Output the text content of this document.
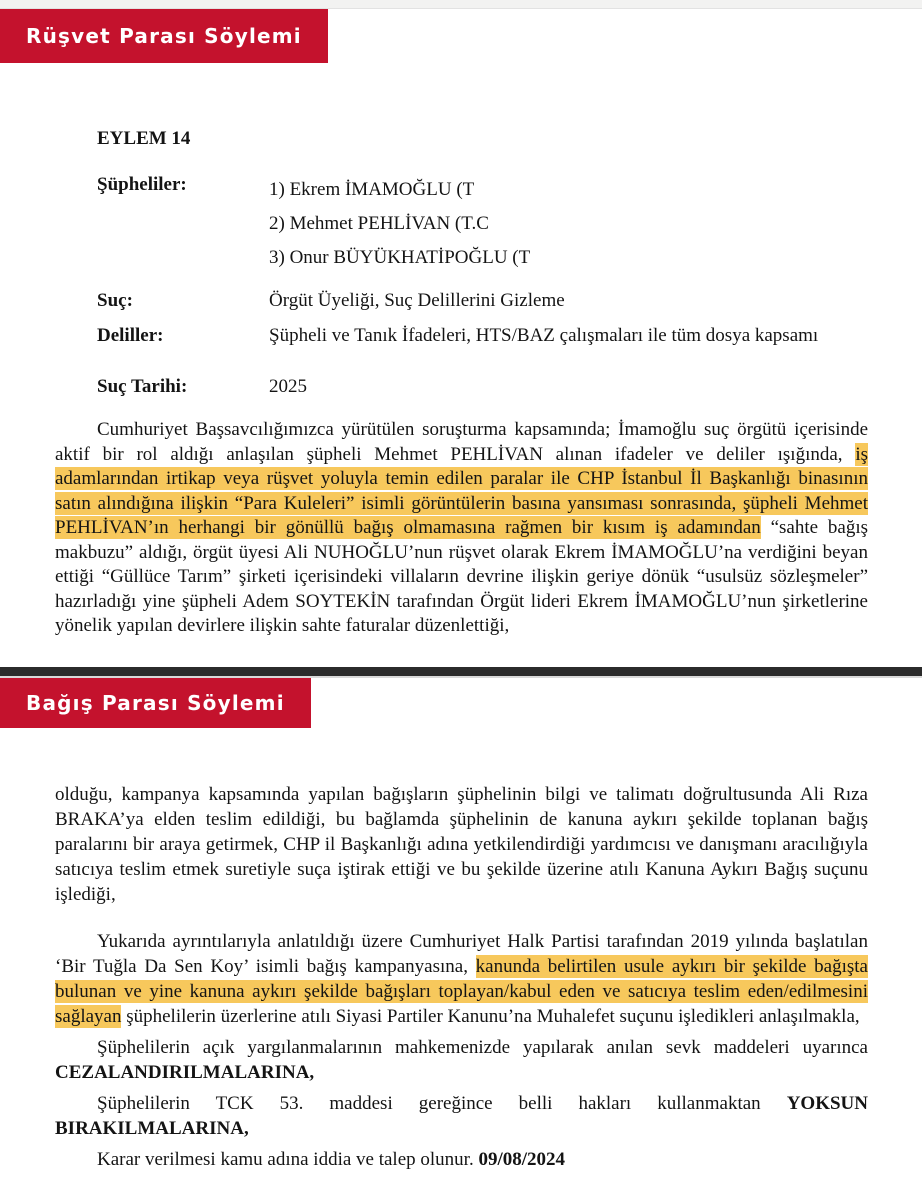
Rüşvet Parası Söylemi
EYLEM 14
Şüpheliler:	1) Ekrem İMAMOĞLU (T
2) Mehmet PEHLİVAN (T.C
3) Onur BÜYÜKHATİPOĞLU (T
Suç:	Örgüt Üyeliği, Suç Delillerini Gizleme
Deliller:	Şüpheli ve Tanık İfadeleri, HTS/BAZ çalışmaları ile tüm dosya kapsamı
Suç Tarihi:	2025

Cumhuriyet Başsavcılığımızca yürütülen soruşturma kapsamında; İmamoğlu suç örgütü içerisinde aktif bir rol aldığı anlaşılan şüpheli Mehmet PEHLİVAN alınan ifadeler ve deliler ışığında, iş adamlarından irtikap veya rüşvet yoluyla temin edilen paralar ile CHP İstanbul İl Başkanlığı binasının satın alındığına ilişkin “Para Kuleleri” isimli görüntülerin basına yansıması sonrasında, şüpheli Mehmet PEHLİVAN’ın herhangi bir gönüllü bağış olmamasına rağmen bir kısım iş adamından “sahte bağış makbuzu” aldığı, örgüt üyesi Ali NUHOĞLU’nun rüşvet olarak Ekrem İMAMOĞLU’na verdiğini beyan ettiği “Güllüce Tarım” şirketi içerisindeki villaların devrine ilişkin geriye dönük “usulsüz sözleşmeler” hazırladığı yine şüpheli Adem SOYTEKİN tarafından Örgüt lideri Ekrem İMAMOĞLU’nun şirketlerine yönelik yapılan devirlere ilişkin sahte faturalar düzenlettiği,

Bağış Parası Söylemi

olduğu, kampanya kapsamında yapılan bağışların şüphelinin bilgi ve talimatı doğrultusunda Ali Rıza BRAKA’ya elden teslim edildiği, bu bağlamda şüphelinin de kanuna aykırı şekilde toplanan bağış paralarını bir araya getirmek, CHP il Başkanlığı adına yetkilendirdiği yardımcısı ve danışmanı aracılığıyla satıcıya teslim etmek suretiyle suça iştirak ettiği ve bu şekilde üzerine atılı Kanuna Aykırı Bağış suçunu işlediği,

Yukarıda ayrıntılarıyla anlatıldığı üzere Cumhuriyet Halk Partisi tarafından 2019 yılında başlatılan ‘Bir Tuğla Da Sen Koy’ isimli bağış kampanyasına, kanunda belirtilen usule aykırı bir şekilde bağışta bulunan ve yine kanuna aykırı şekilde bağışları toplayan/kabul eden ve satıcıya teslim eden/edilmesini sağlayan şüphelilerin üzerlerine atılı Siyasi Partiler Kanunu’na Muhalefet suçunu işledikleri anlaşılmakla,

Şüphelilerin açık yargılanmalarının mahkemenizde yapılarak anılan sevk maddeleri uyarınca CEZALANDIRILMALARINA,

Şüphelilerin TCK 53. maddesi gereğince belli hakları kullanmaktan YOKSUN BIRAKILMALARINA,

Karar verilmesi kamu adına iddia ve talep olunur. 09/08/2024
